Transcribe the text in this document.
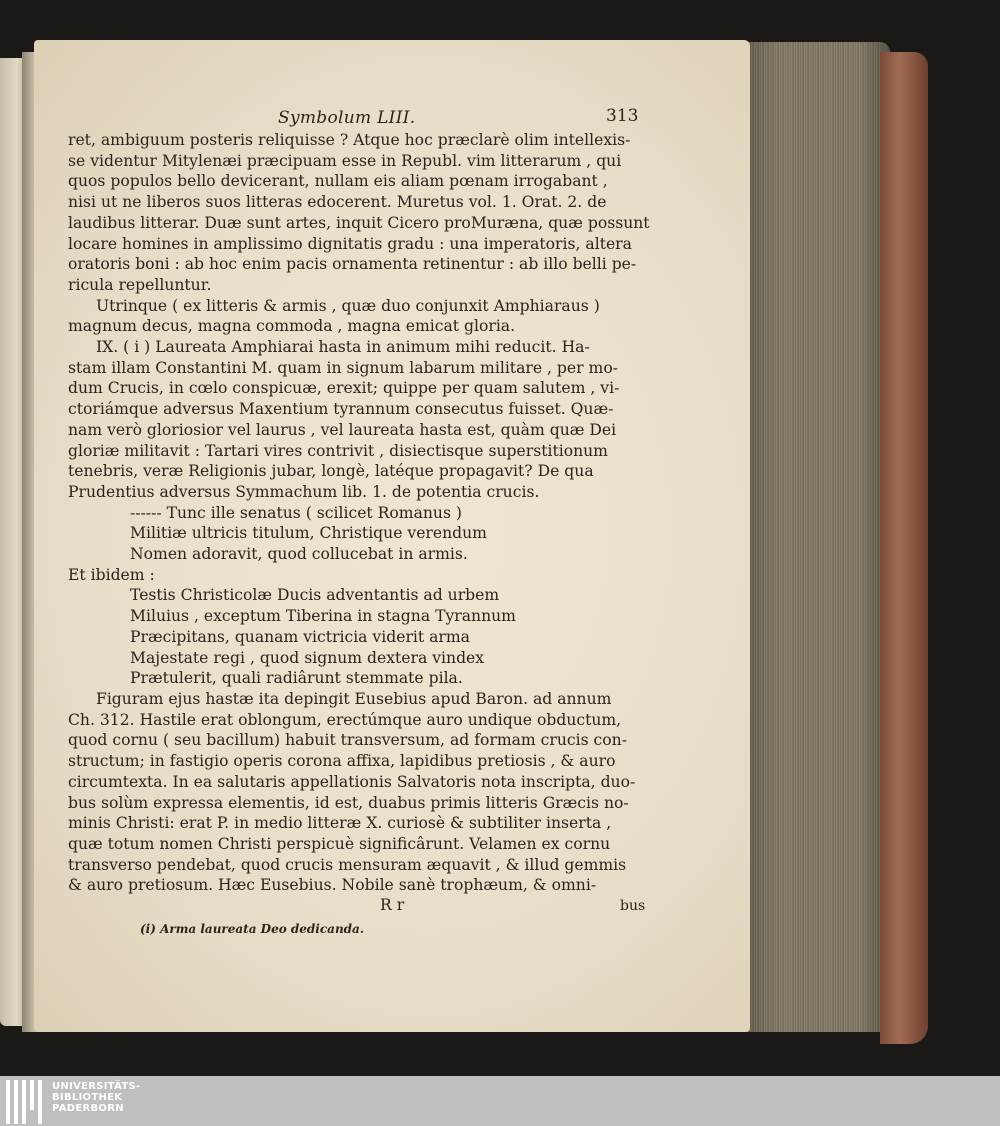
Symbolum LIII.	313
ret, ambiguum posteris reliquisse ? Atque hoc præclarè olim intellexis-
se videntur Mitylenæi præcipuam esse in Republ. vim litterarum , qui
quos populos bello devicerant, nullam eis aliam pœnam irrogabant ,
nisi ut ne liberos suos litteras edocerent. Muretus vol. 1. Orat. 2. de
laudibus litterar. Duæ sunt artes, inquit Cicero proMuræna, quæ possunt
locare homines in amplissimo dignitatis gradu : una imperatoris, altera
oratoris boni : ab hoc enim pacis ornamenta retinentur : ab illo belli pe-
ricula repelluntur.
Utrinque ( ex litteris & armis , quæ duo conjunxit Amphiaraus )
magnum decus, magna commoda , magna emicat gloria.
IX. ( i ) Laureata Amphiarai hasta in animum mihi reducit. Ha-
stam illam Constantini M. quam in signum labarum militare , per mo-
dum Crucis, in cœlo conspicuæ, erexit; quippe per quam salutem , vi-
ctoriámque adversus Maxentium tyrannum consecutus fuisset. Quæ-
nam verò gloriosior vel laurus , vel laureata hasta est, quàm quæ Dei
gloriæ militavit : Tartari vires contrivit , disiectisque superstitionum
tenebris, veræ Religionis jubar, longè, latéque propagavit? De qua
Prudentius adversus Symmachum lib. 1. de potentia crucis.
------ Tunc ille senatus ( scilicet Romanus )
Militiæ ultricis titulum, Christique verendum
Nomen adoravit, quod collucebat in armis.
Et ibidem :
Testis Christicolæ Ducis adventantis ad urbem
Miluius , exceptum Tiberina in stagna Tyrannum
Præcipitans, quanam victricia viderit arma
Majestate regi , quod signum dextera vindex
Prætulerit, quali radiârunt stemmate pila.
Figuram ejus hastæ ita depingit Eusebius apud Baron. ad annum
Ch. 312. Hastile erat oblongum, erectúmque auro undique obductum,
quod cornu ( seu bacillum) habuit transversum, ad formam crucis con-
structum; in fastigio operis corona affixa, lapidibus pretiosis , & auro
circumtexta. In ea salutaris appellationis Salvatoris nota inscripta, duo-
bus solùm expressa elementis, id est, duabus primis litteris Græcis no-
minis Christi: erat P. in medio litteræ X. curiosè & subtiliter inserta ,
quæ totum nomen Christi perspicuè significârunt. Velamen ex cornu
transverso pendebat, quod crucis mensuram æquavit , & illud gemmis
& auro pretiosum. Hæc Eusebius. Nobile sanè trophæum, & omni-
R r	bus
(i) Arma laureata Deo dedicanda.
UNIVERSITÄTS-
BIBLIOTHEK
PADERBORN
